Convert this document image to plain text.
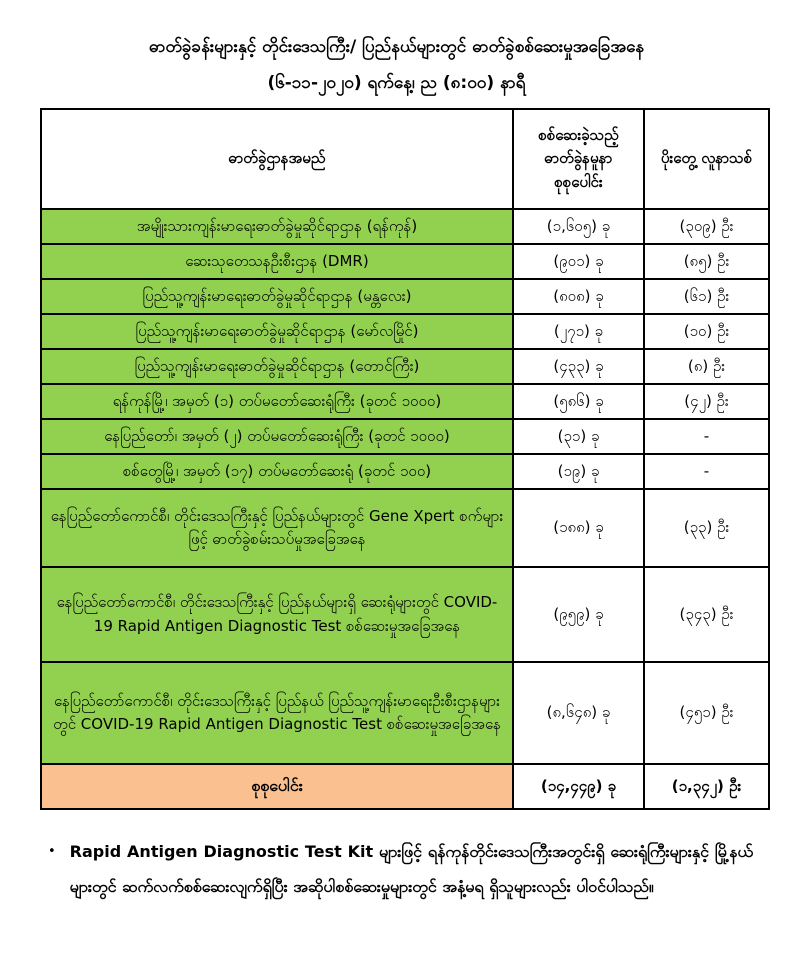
ဓာတ်ခွဲခန်းများနှင့် တိုင်းဒေသကြီး/ ပြည်နယ်များတွင် ဓာတ်ခွဲစစ်ဆေးမှုအခြေအနေ
(၆-၁၁-၂၀၂၀) ရက်နေ့၊ ည (၈:၀၀) နာရီ
ဓာတ်ခွဲဌာနအမည်	စစ်ဆေးခဲ့သည့် ဓာတ်ခွဲနမူနာ စုစုပေါင်း	ပိုးတွေ့ လူနာသစ်
အမျိုးသားကျန်းမာရေးဓာတ်ခွဲမှုဆိုင်ရာဌာန (ရန်ကုန်)	(၁,၆၀၅) ခု	(၃၀၉) ဦး
ဆေးသုတေသနဦးစီးဌာန (DMR)	(၉၀၁) ခု	(၈၅) ဦး
ပြည်သူ့ကျန်းမာရေးဓာတ်ခွဲမှုဆိုင်ရာဌာန (မန္တလေး)	(၈၀၈) ခု	(၆၁) ဦး
ပြည်သူ့ကျန်းမာရေးဓာတ်ခွဲမှုဆိုင်ရာဌာန (မော်လမြိုင်)	(၂၇၁) ခု	(၁၀) ဦး
ပြည်သူ့ကျန်းမာရေးဓာတ်ခွဲမှုဆိုင်ရာဌာန (တောင်ကြီး)	(၄၃၃) ခု	(၈) ဦး
ရန်ကုန်မြို့၊ အမှတ် (၁) တပ်မတော်ဆေးရုံကြီး (ခုတင် ၁၀၀၀)	(၅၈၆) ခု	(၄၂) ဦး
နေပြည်တော်၊ အမှတ် (၂) တပ်မတော်ဆေးရုံကြီး (ခုတင် ၁၀၀၀)	(၃၁) ခု	-
စစ်တွေမြို့၊ အမှတ် (၁၇) တပ်မတော်ဆေးရုံ (ခုတင် ၁၀၀)	(၁၉) ခု	-
နေပြည်တော်ကောင်စီ၊ တိုင်းဒေသကြီးနှင့် ပြည်နယ်များတွင် Gene Xpert စက်များဖြင့် ဓာတ်ခွဲစမ်းသပ်မှုအခြေအနေ	(၁၈၈) ခု	(၃၃) ဦး
နေပြည်တော်ကောင်စီ၊ တိုင်းဒေသကြီးနှင့် ပြည်နယ်များရှိ ဆေးရုံများတွင် COVID-19 Rapid Antigen Diagnostic Test စစ်ဆေးမှုအခြေအနေ	(၉၅၉) ခု	(၃၄၃) ဦး
နေပြည်တော်ကောင်စီ၊ တိုင်းဒေသကြီးနှင့် ပြည်နယ် ပြည်သူ့ကျန်းမာရေးဦးစီးဌာနများတွင် COVID-19 Rapid Antigen Diagnostic Test စစ်ဆေးမှုအခြေအနေ	(၈,၆၄၈) ခု	(၄၅၁) ဦး
စုစုပေါင်း	(၁၄,၄၄၉) ခု	(၁,၃၄၂) ဦး
• Rapid Antigen Diagnostic Test Kit များဖြင့် ရန်ကုန်တိုင်းဒေသကြီးအတွင်းရှိ ဆေးရုံကြီးများနှင့် မြို့နယ်များတွင် ဆက်လက်စစ်ဆေးလျက်ရှိပြီး အဆိုပါစစ်ဆေးမှုများတွင် အနံ့မရ ရှိသူများလည်း ပါဝင်ပါသည်။
